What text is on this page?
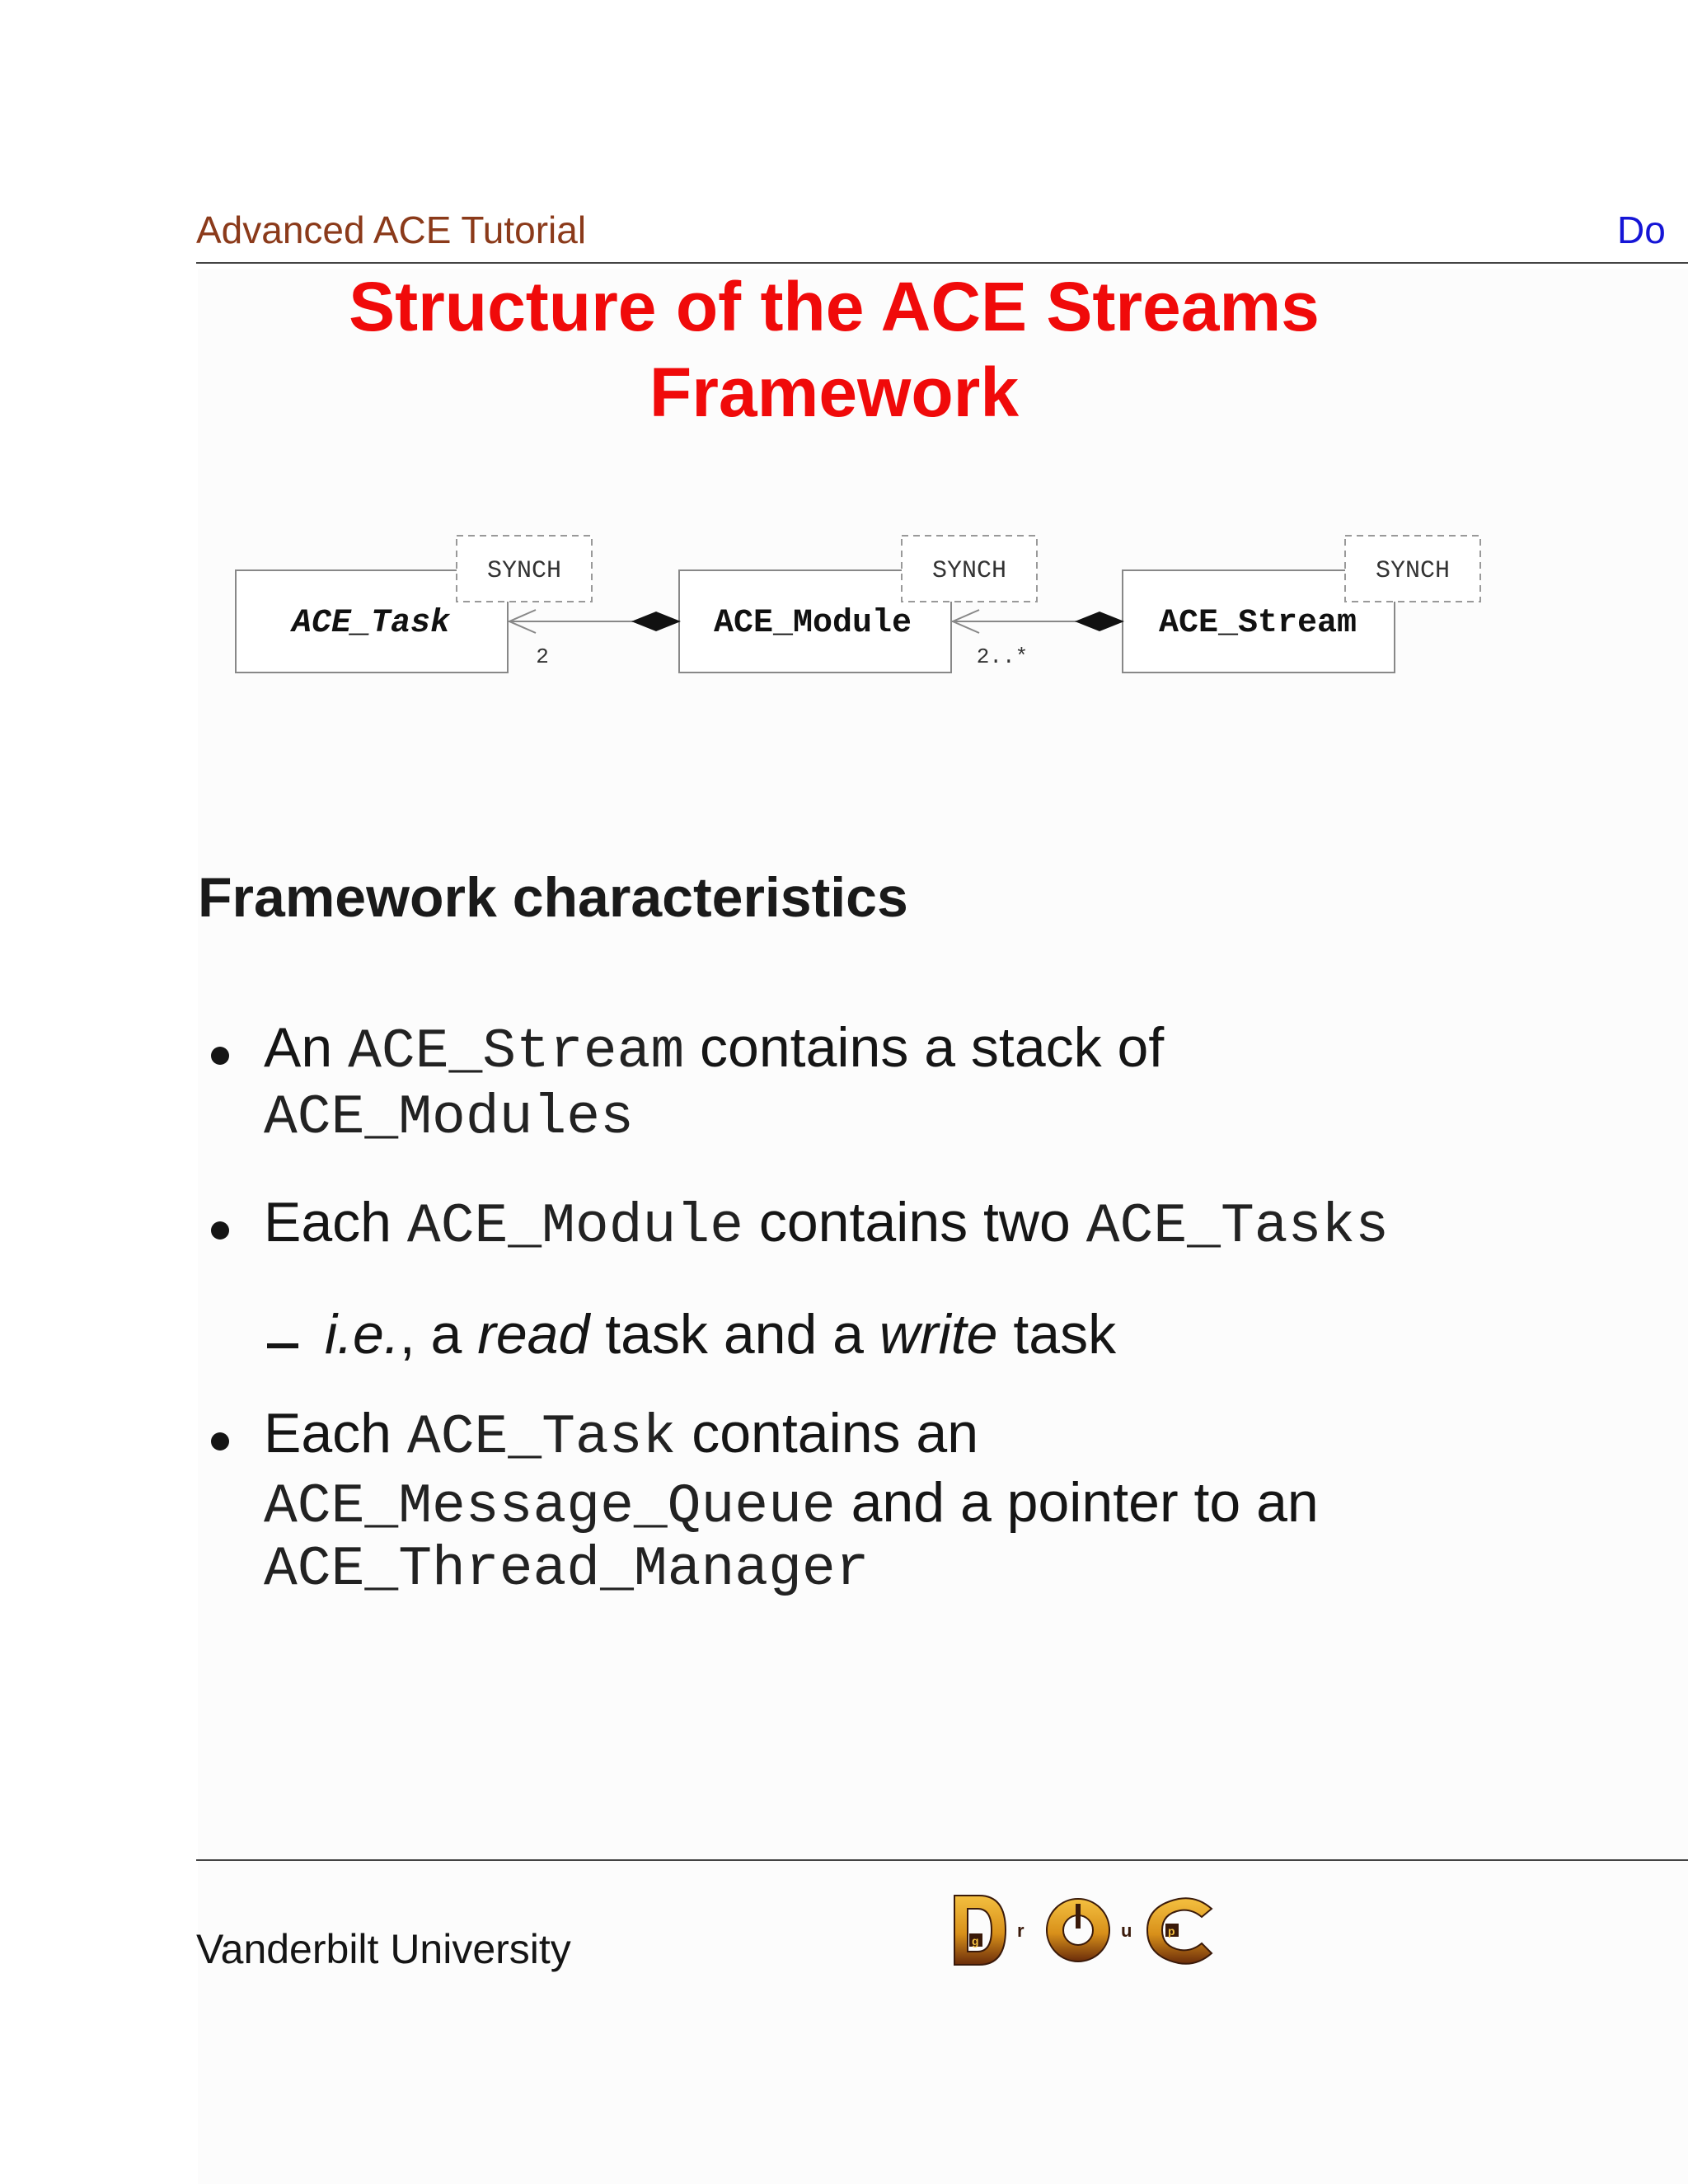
Advanced ACE Tutorial	Do
Structure of the ACE Streams
Framework
ACE_Task
SYNCH
ACE_Module
SYNCH
ACE_Stream
SYNCH
2	2..*
Framework characteristics
An ACE_Stream contains a stack of
ACE_Modules
Each ACE_Module contains two ACE_Tasks
i.e., a read task and a write task
Each ACE_Task contains an
ACE_Message_Queue and a pointer to an
ACE_Thread_Manager
Vanderbilt University	g r	u	p
